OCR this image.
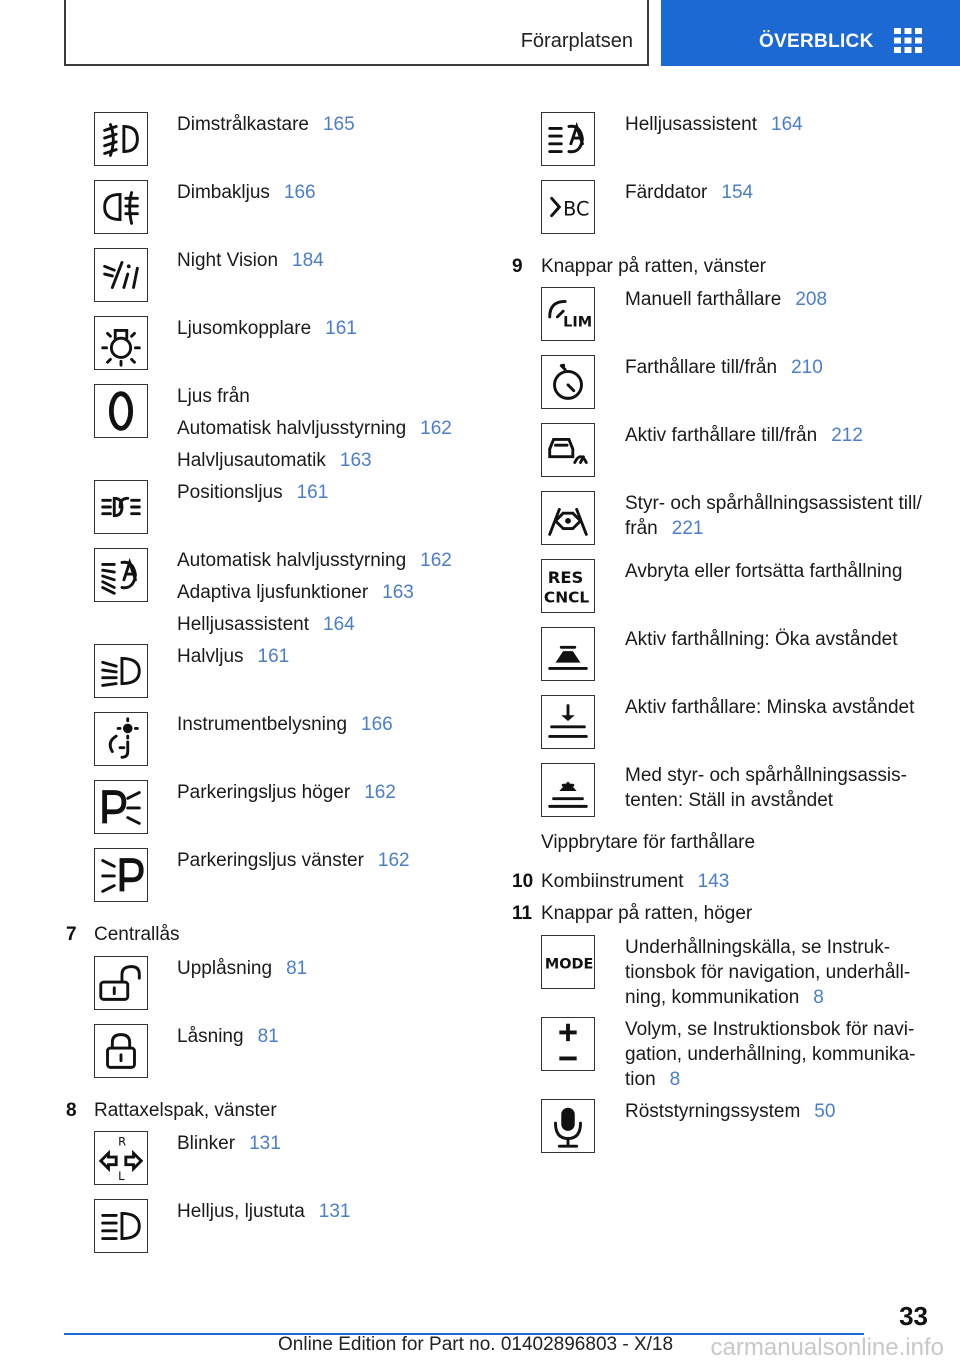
Förarplatsen	ÖVERBLICK
Dimstrålkastare 165
Dimbakljus 166
Night Vision 184
Ljusomkopplare 161
Ljus från
Automatisk halvljusstyrning 162
Halvljusautomatik 163
Positionsljus 161
Automatisk halvljusstyrning 162
Adaptiva ljusfunktioner 163
Helljusassistent 164
Halvljus 161
Instrumentbelysning 166
Parkeringsljus höger 162
Parkeringsljus vänster 162
Upplåsning 81
Låsning 81
R
L
Blinker 131
Helljus, ljustuta 131
7 Centrallås
8 Rattaxelspak, vänster
9 Knappar på ratten, vänster
Vippbrytare för farthållare
10 Kombiinstrument 143
11 Knappar på ratten, höger
Helljusassistent 164
BC
Färddator 154
LIM
Manuell farthållare 208
Farthållare till/från 210
Aktiv farthållare till/från 212
Styr- och spårhållningsassistent till/
från 221
RES
CNCL
Avbryta eller fortsätta farthållning
Aktiv farthållning: Öka avståndet
Aktiv farthållare: Minska avståndet
Med styr- och spårhållningsassis-
tenten: Ställ in avståndet
MODE
Underhållningskälla, se Instruk-
tionsbok för navigation, underhåll-
ning, kommunikation 8
Volym, se Instruktionsbok för navi-
gation, underhållning, kommunika-
tion 8
Röststyrningssystem 50
33
Online Edition for Part no. 01402896803 - X/18 carmanualsonline.info
